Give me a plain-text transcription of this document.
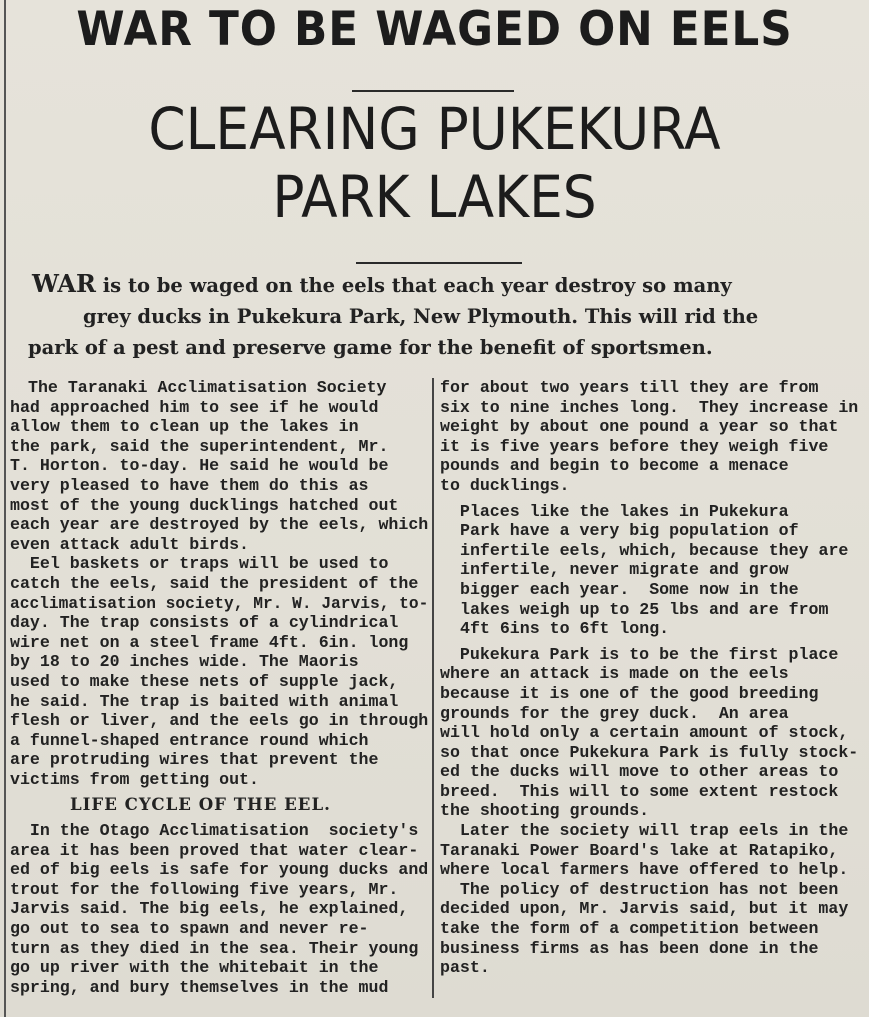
WAR TO BE WAGED ON EELS
CLEARING PUKEKURA
PARK LAKES
WAR is to be waged on the eels that each year destroy so many
grey ducks in Pukekura Park, New Plymouth. This will rid the
park of a pest and preserve game for the benefit of sportsmen.
The Taranaki Acclimatisation Society
had approached him to see if he would
allow them to clean up the lakes in
the park, said the superintendent, Mr.
T. Horton. to-day. He said he would be
very pleased to have them do this as
most of the young ducklings hatched out
each year are destroyed by the eels, which
even attack adult birds.
Eel baskets or traps will be used to
catch the eels, said the president of the
acclimatisation society, Mr. W. Jarvis, to-
day. The trap consists of a cylindrical
wire net on a steel frame 4ft. 6in. long
by 18 to 20 inches wide. The Maoris
used to make these nets of supple jack,
he said. The trap is baited with animal
flesh or liver, and the eels go in through
a funnel-shaped entrance round which
are protruding wires that prevent the
victims from getting out.
LIFE CYCLE OF THE EEL.
In the Otago Acclimatisation  society's
area it has been proved that water clear-
ed of big eels is safe for young ducks and
trout for the following five years, Mr.
Jarvis said. The big eels, he explained,
go out to sea to spawn and never re-
turn as they died in the sea. Their young
go up river with the whitebait in the
spring, and bury themselves in the mud
for about two years till they are from
six to nine inches long.  They increase in
weight by about one pound a year so that
it is five years before they weigh five
pounds and begin to become a menace
to ducklings.
Places like the lakes in Pukekura
Park have a very big population of
infertile eels, which, because they are
infertile, never migrate and grow
bigger each year.  Some now in the
lakes weigh up to 25 lbs and are from
4ft 6ins to 6ft long.
Pukekura Park is to be the first place
where an attack is made on the eels
because it is one of the good breeding
grounds for the grey duck.  An area
will hold only a certain amount of stock,
so that once Pukekura Park is fully stock-
ed the ducks will move to other areas to
breed.  This will to some extent restock
the shooting grounds.
Later the society will trap eels in the
Taranaki Power Board's lake at Ratapiko,
where local farmers have offered to help.
The policy of destruction has not been
decided upon, Mr. Jarvis said, but it may
take the form of a competition between
business firms as has been done in the
past.
